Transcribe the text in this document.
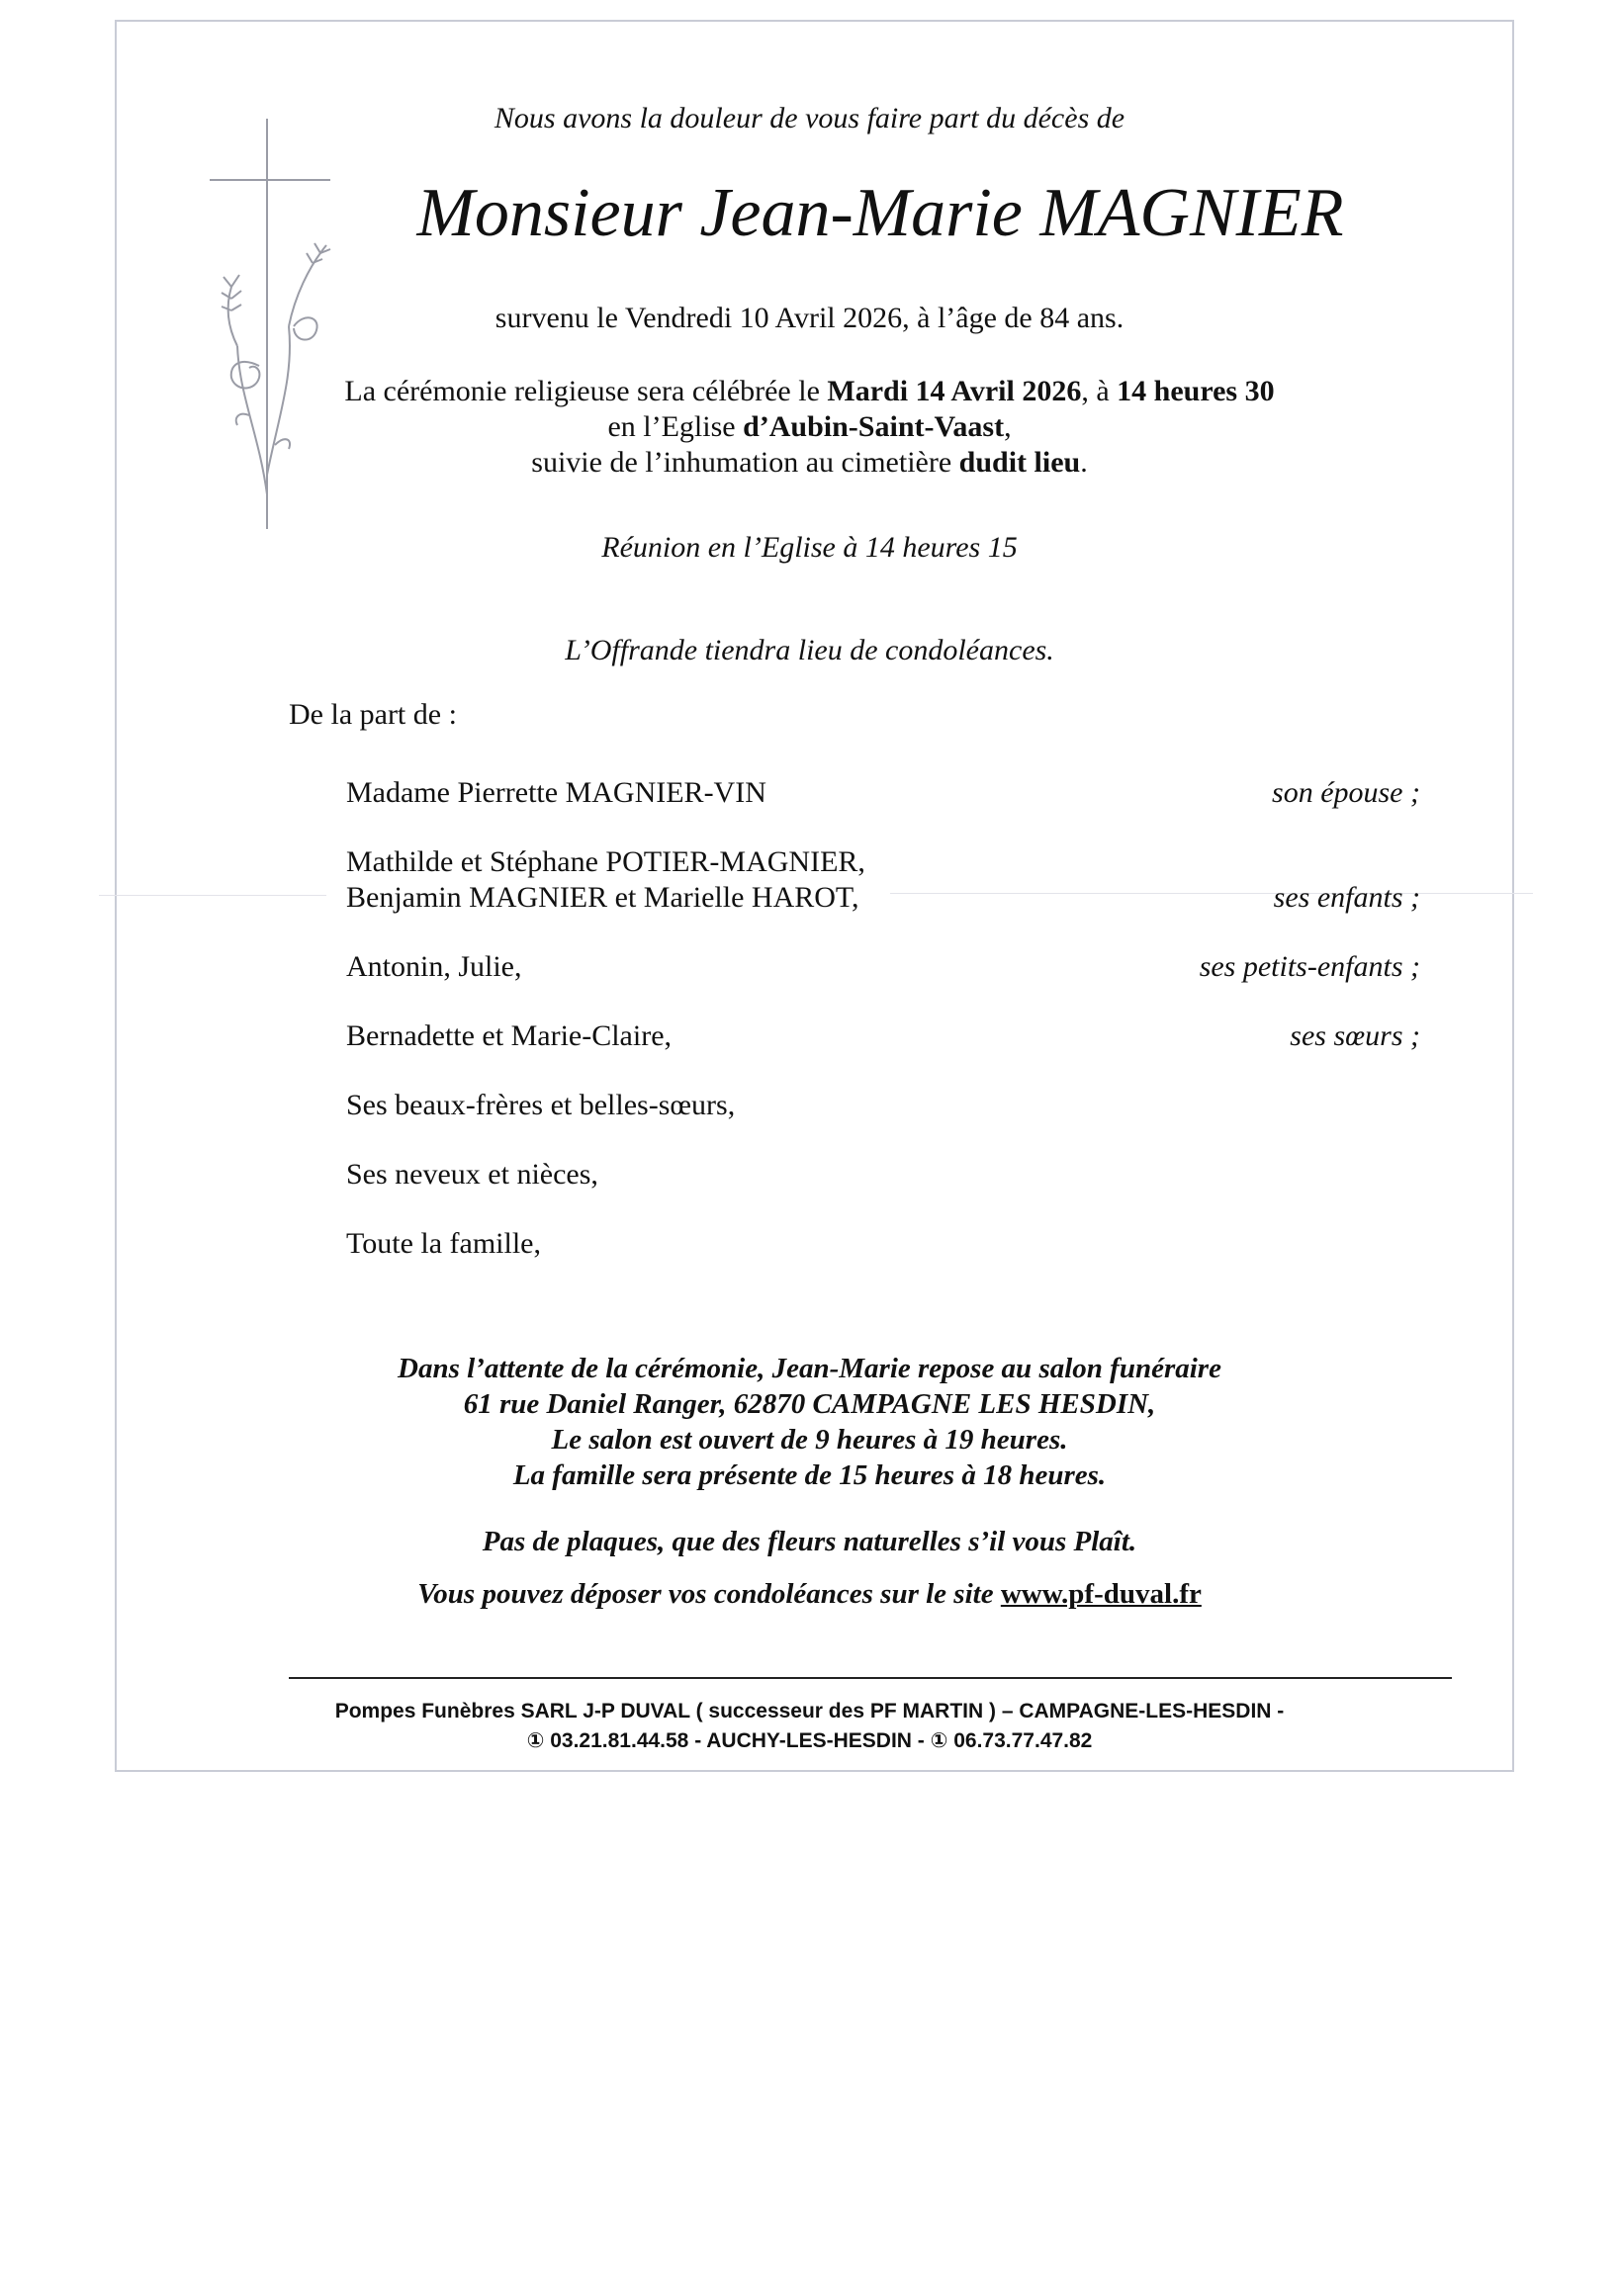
Nous avons la douleur de vous faire part du décès de
Monsieur Jean-Marie MAGNIER
survenu le Vendredi 10 Avril 2026, à l’âge de 84 ans.
La cérémonie religieuse sera célébrée le Mardi 14 Avril 2026, à 14 heures 30
en l’Eglise d’Aubin-Saint-Vaast,
suivie de l’inhumation au cimetière dudit lieu.
Réunion en l’Eglise à 14 heures 15
L’Offrande tiendra lieu de condoléances.
De la part de :
Madame Pierrette MAGNIER-VIN	son épouse ;
Mathilde et Stéphane POTIER-MAGNIER,
Benjamin MAGNIER et Marielle HAROT,	ses enfants ;
Antonin, Julie,	ses petits-enfants ;
Bernadette et Marie-Claire,	ses sœurs ;
Ses beaux-frères et belles-sœurs,
Ses neveux et nièces,
Toute la famille,
Dans l’attente de la cérémonie, Jean-Marie repose au salon funéraire
61 rue Daniel Ranger, 62870 CAMPAGNE LES HESDIN,
Le salon est ouvert de 9 heures à 19 heures.
La famille sera présente de 15 heures à 18 heures.
Pas de plaques, que des fleurs naturelles s’il vous Plaît.
Vous pouvez déposer vos condoléances sur le site www.pf-duval.fr
Pompes Funèbres SARL J-P DUVAL ( successeur des PF MARTIN ) – CAMPAGNE-LES-HESDIN -
① 03.21.81.44.58 - AUCHY-LES-HESDIN - ① 06.73.77.47.82
